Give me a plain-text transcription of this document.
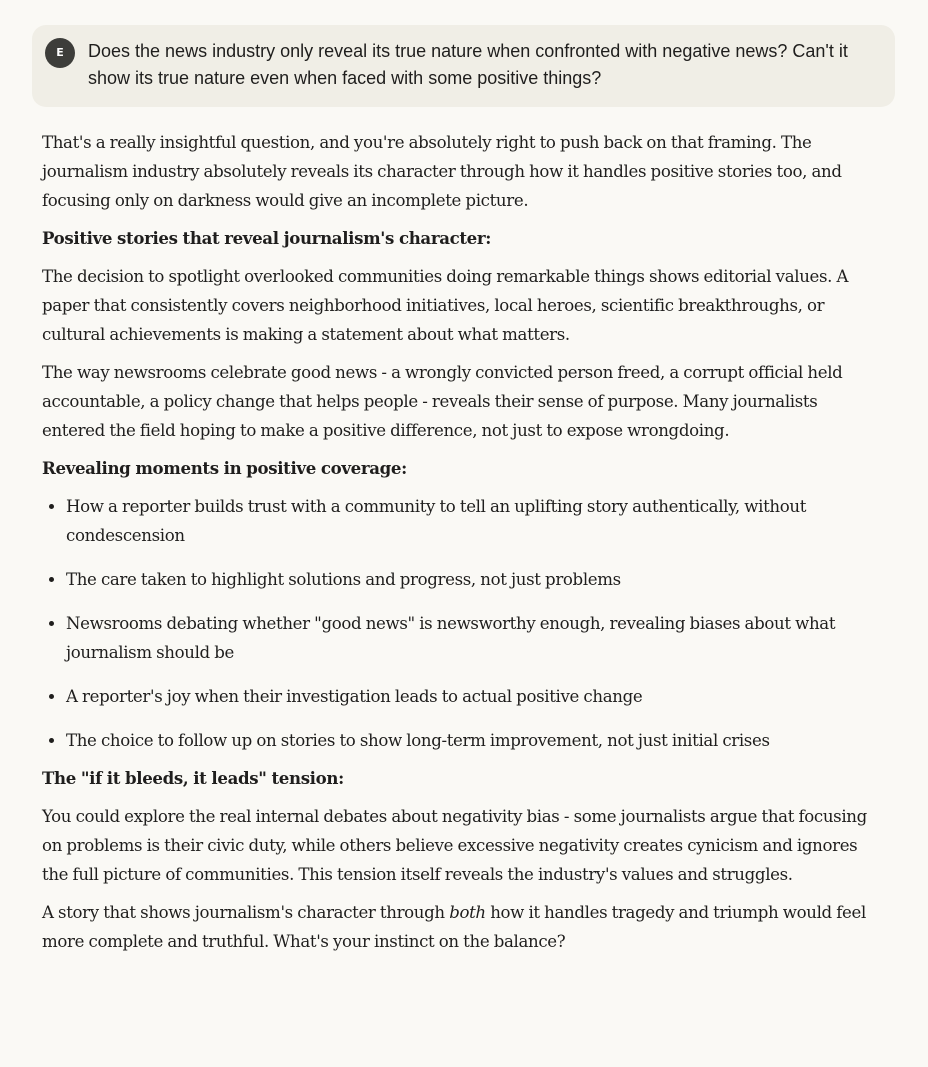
E	Does the news industry only reveal its true nature when confronted with negative news? Can't it show its true nature even when faced with some positive things?

That's a really insightful question, and you're absolutely right to push back on that framing. The journalism industry absolutely reveals its character through how it handles positive stories too, and focusing only on darkness would give an incomplete picture.

Positive stories that reveal journalism's character:

The decision to spotlight overlooked communities doing remarkable things shows editorial values. A paper that consistently covers neighborhood initiatives, local heroes, scientific breakthroughs, or cultural achievements is making a statement about what matters.

The way newsrooms celebrate good news - a wrongly convicted person freed, a corrupt official held accountable, a policy change that helps people - reveals their sense of purpose. Many journalists entered the field hoping to make a positive difference, not just to expose wrongdoing.

Revealing moments in positive coverage:
• How a reporter builds trust with a community to tell an uplifting story authentically, without condescension
• The care taken to highlight solutions and progress, not just problems
• Newsrooms debating whether "good news" is newsworthy enough, revealing biases about what journalism should be
• A reporter's joy when their investigation leads to actual positive change
• The choice to follow up on stories to show long-term improvement, not just initial crises
The "if it bleeds, it leads" tension:

You could explore the real internal debates about negativity bias - some journalists argue that focusing on problems is their civic duty, while others believe excessive negativity creates cynicism and ignores the full picture of communities. This tension itself reveals the industry's values and struggles.

A story that shows journalism's character through both how it handles tragedy and triumph would feel more complete and truthful. What's your instinct on the balance?
